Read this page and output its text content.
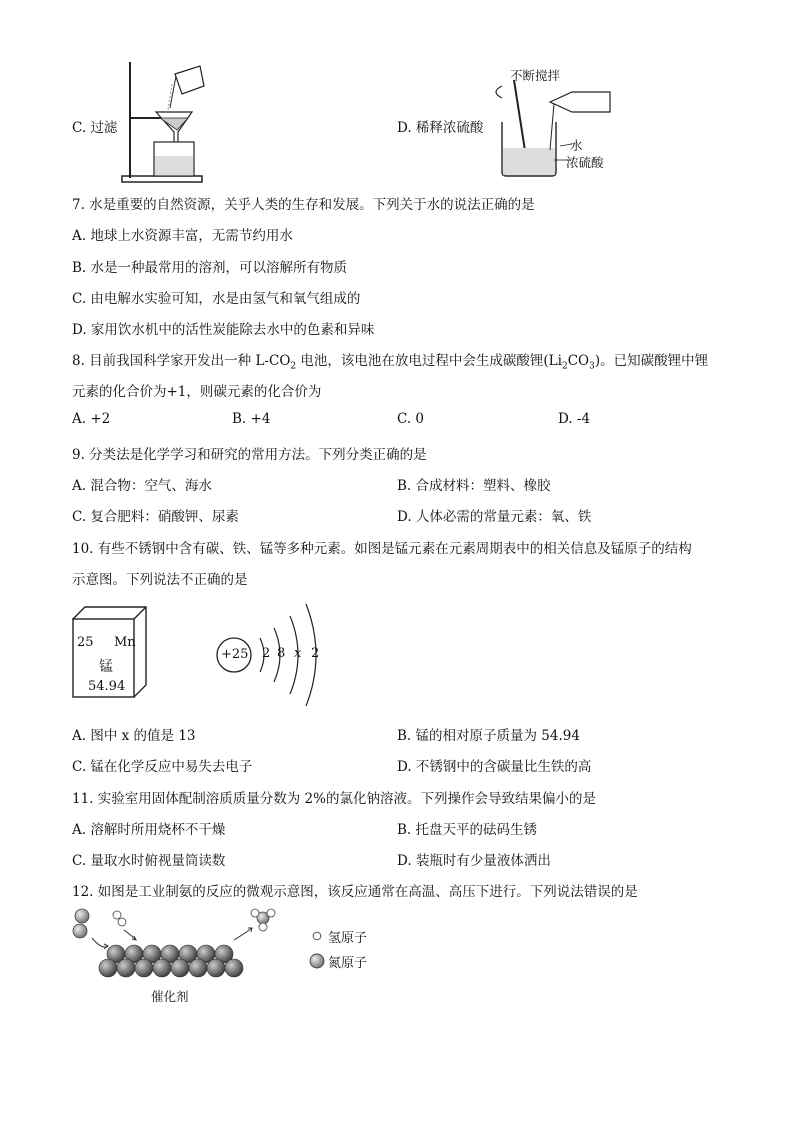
C. 过滤
不断搅拌
水
浓硫酸
D. 稀释浓硫酸
7. 水是重要的自然资源，关乎人类的生存和发展。下列关于水的说法正确的是
A. 地球上水资源丰富，无需节约用水
B. 水是一种最常用的溶剂，可以溶解所有物质
C. 由电解水实验可知，水是由氢气和氧气组成的
D. 家用饮水机中的活性炭能除去水中的色素和异味
8. 目前我国科学家开发出一种 $L-CO_2$ 电池，该电池在放电过程中会生成碳酸锂$(Li_2CO_3)$。已知碳酸锂中锂
元素的化合价为+1，则碳元素的化合价为
A. +2	B. +4	C. 0	D. -4
9. 分类法是化学学习和研究的常用方法。下列分类正确的是
A. 混合物：空气、海水	B. 合成材料：塑料、橡胶
C. 复合肥料：硝酸钾、尿素	D. 人体必需的常量元素：氧、铁
10. 有些不锈钢中含有碳、铁、锰等多种元素。如图是锰元素在元素周期表中的相关信息及锰原子的结构
示意图。下列说法不正确的是
25 Mn
锰
54.94
+25 2 8 x 2
A. 图中 x 的值是 13	B. 锰的相对原子质量为 54.94
C. 锰在化学反应中易失去电子	D. 不锈钢中的含碳量比生铁的高
11. 实验室用固体配制溶质质量分数为 2%的氯化钠溶液。下列操作会导致结果偏小的是
A. 溶解时所用烧杯不干燥	B. 托盘天平的砝码生锈
C. 量取水时俯视量筒读数	D. 装瓶时有少量液体洒出
12. 如图是工业制氨的反应的微观示意图，该反应通常在高温、高压下进行。下列说法错误的是
催化剂
氢原子
氮原子
